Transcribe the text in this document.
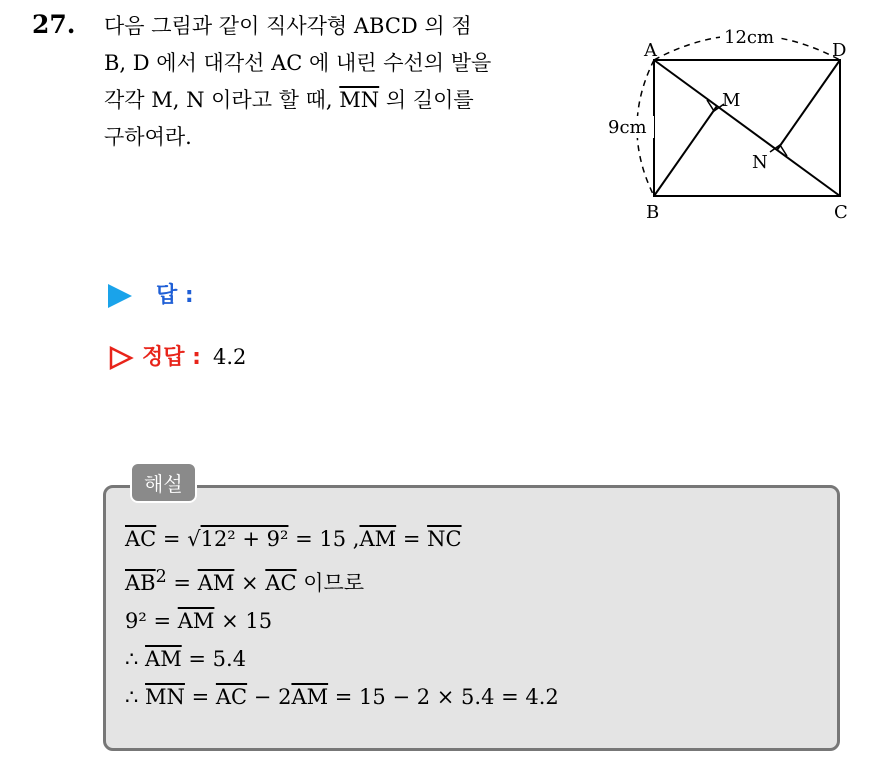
27. 다음 그림과 같이 직사각형 ABCD 의 점
B, D 에서 대각선 AC 에 내린 수선의 발을
각각 M, N 이라고 할 때, $\overline{MN}$ 의 길이를
구하여라.
12cm
9cm
A	D
B	C
M
N
답 :
정답 : 4.2
해설
$\overline{AC} = √12^2 + 9^2 = 15$ $,\overline{AM} = \overline{NC}$
$\overline{AB}^2 = \overline{AM} \times \overline{AC}$ 이므로
$9^2 = \overline{AM} \times 15$
∴ $\overline{AM} = 5.4$
∴ $\overline{MN} = \overline{AC} - 2\overline{AM} = 15 - 2 \times 5.4 = 4.2$
